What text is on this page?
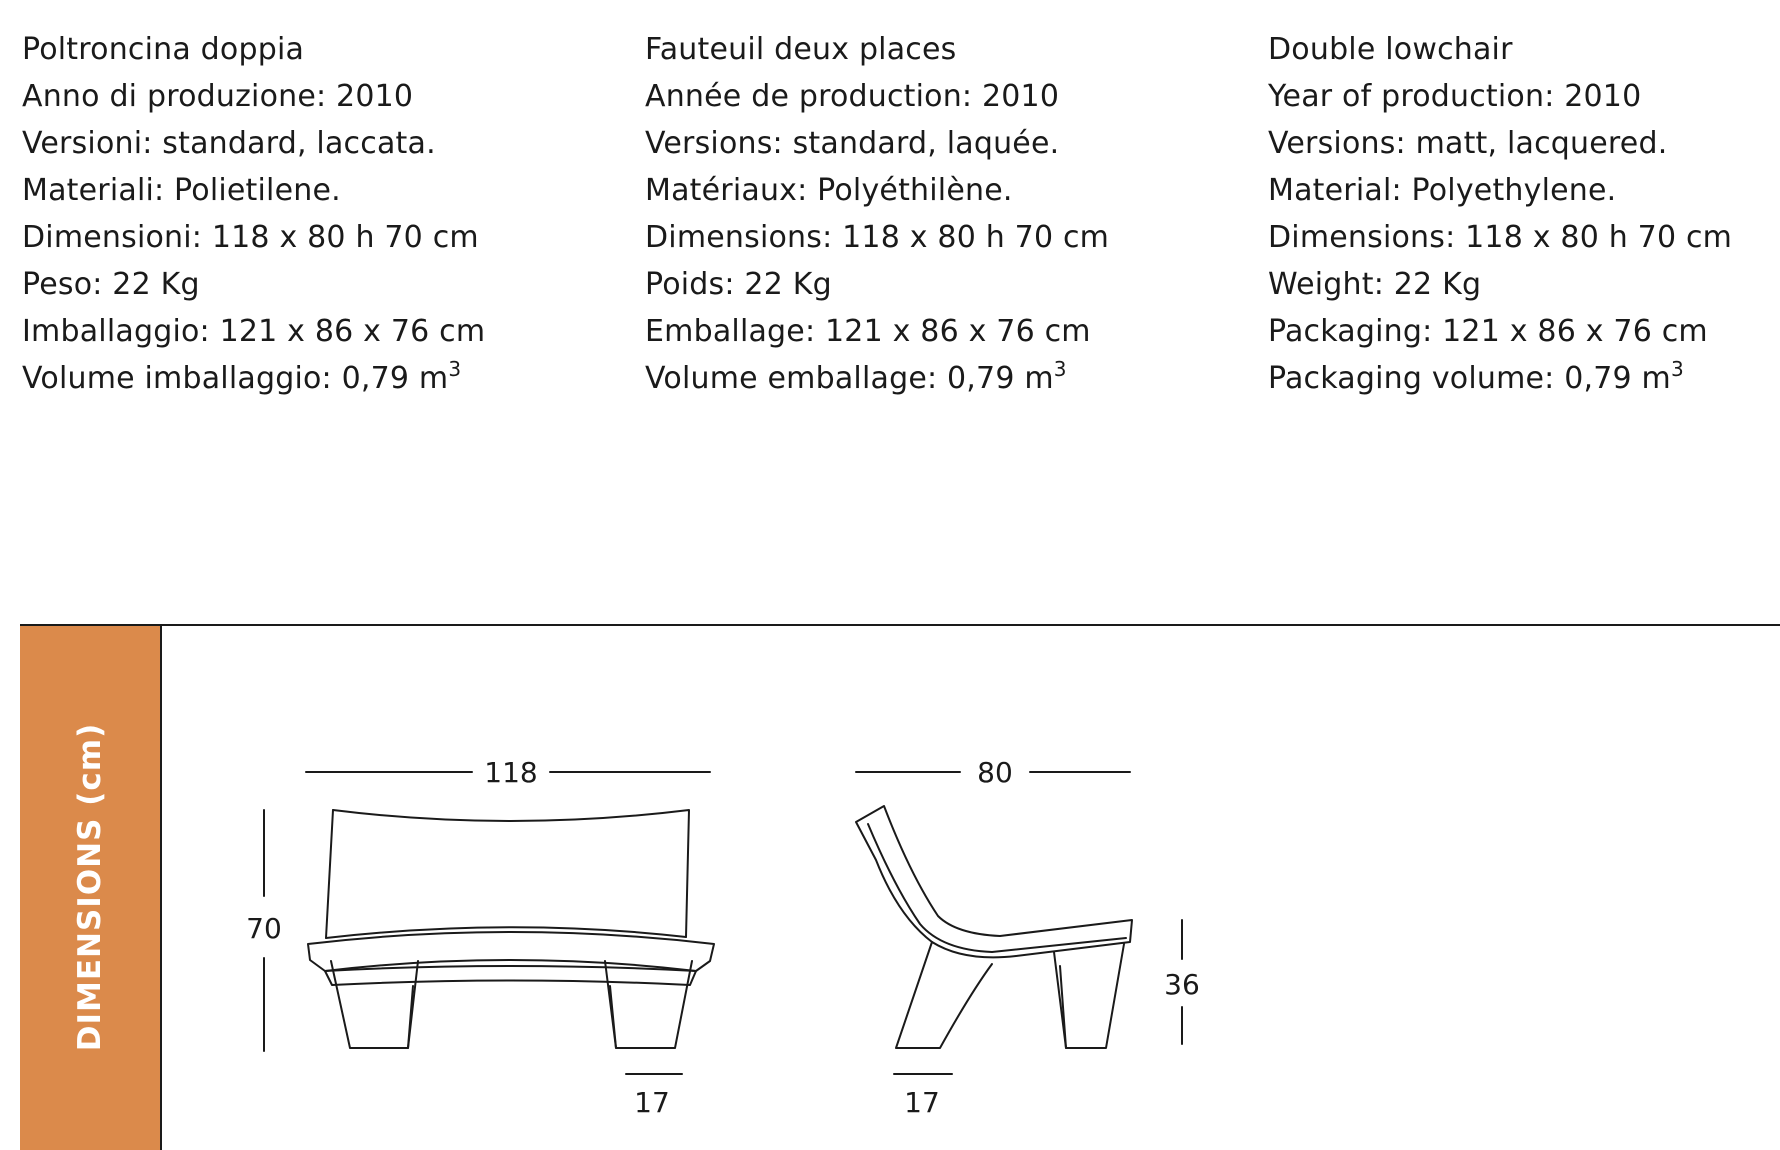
Poltroncina doppia
Anno di produzione: 2010
Versioni: standard, laccata.
Materiali: Polietilene.
Dimensioni: 118 x 80 h 70 cm
Peso: 22 Kg
Imballaggio: 121 x 86 x 76 cm
Volume imballaggio: 0,79 $m^3$
Fauteuil deux places
Année de production: 2010
Versions: standard, laquée.
Matériaux: Polyéthilène.
Dimensions: 118 x 80 h 70 cm
Poids: 22 Kg
Emballage: 121 x 86 x 76 cm
Volume emballage: 0,79 $m^3$
Double lowchair
Year of production: 2010
Versions: matt, lacquered.
Material: Polyethylene.
Dimensions: 118 x 80 h 70 cm
Weight: 22 Kg
Packaging: 121 x 86 x 76 cm
Packaging volume: 0,79 $m^3$
DIMENSIONS (cm)	118
70
17
80
36
17
